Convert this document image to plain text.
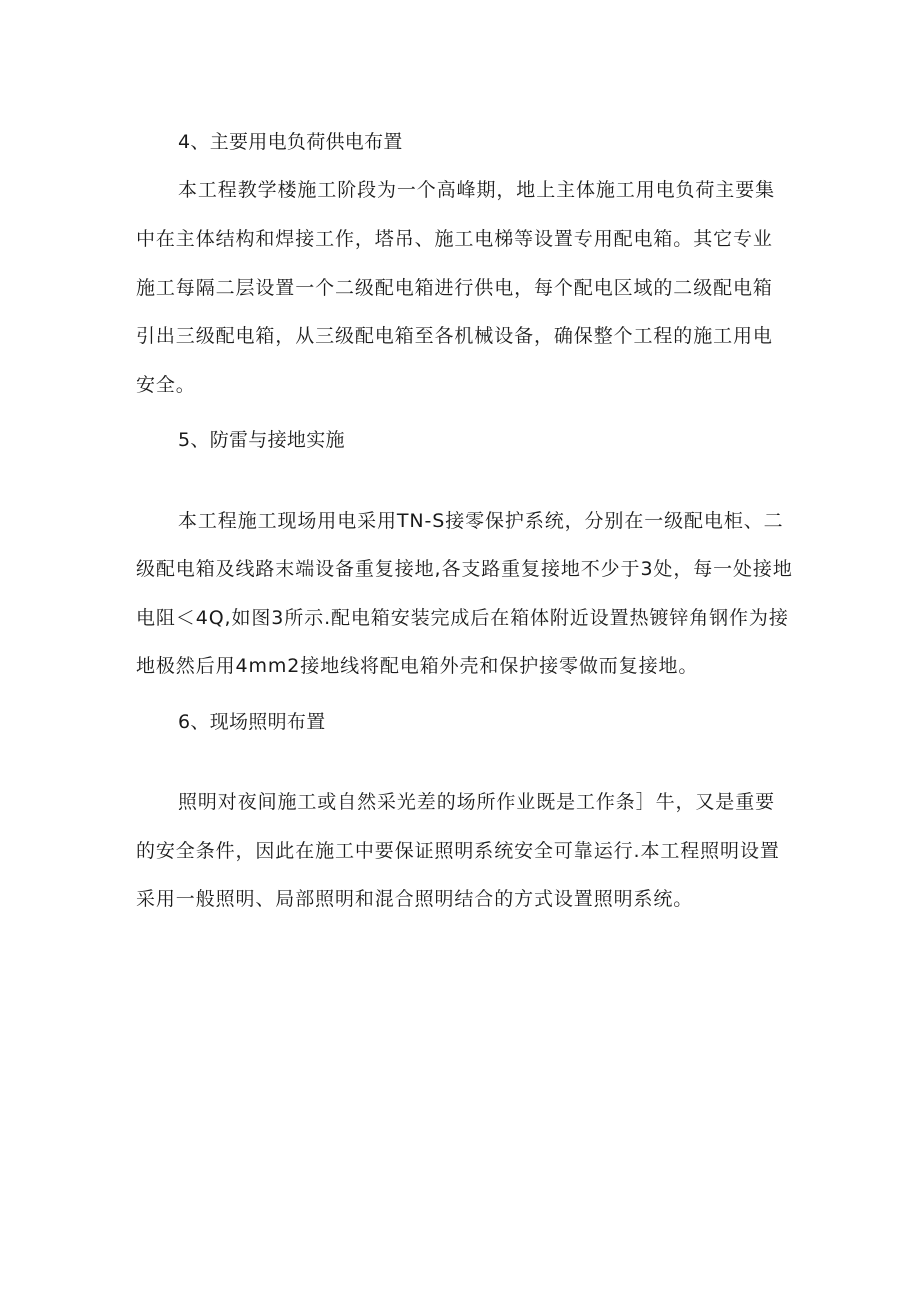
4、主要用电负荷供电布置
本工程教学楼施工阶段为一个高峰期，地上主体施工用电负荷主要集
中在主体结构和焊接工作，塔吊、施工电梯等设置专用配电箱。其它专业
施工每隔二层设置一个二级配电箱进行供电，每个配电区域的二级配电箱
引出三级配电箱，从三级配电箱至各机械设备，确保整个工程的施工用电
安全。
5、防雷与接地实施
本工程施工现场用电采用TN-S接零保护系统，分别在一级配电柜、二
级配电箱及线路末端设备重复接地,各支路重复接地不少于3处，每一处接地
电阻＜4Q,如图3所示.配电箱安装完成后在箱体附近设置热镀锌角钢作为接
地极然后用4mm2接地线将配电箱外壳和保护接零做而复接地。
6、现场照明布置
照明对夜间施工或自然采光差的场所作业既是工作条］牛，又是重要
的安全条件，因此在施工中要保证照明系统安全可靠运行.本工程照明设置
采用一般照明、局部照明和混合照明结合的方式设置照明系统。
